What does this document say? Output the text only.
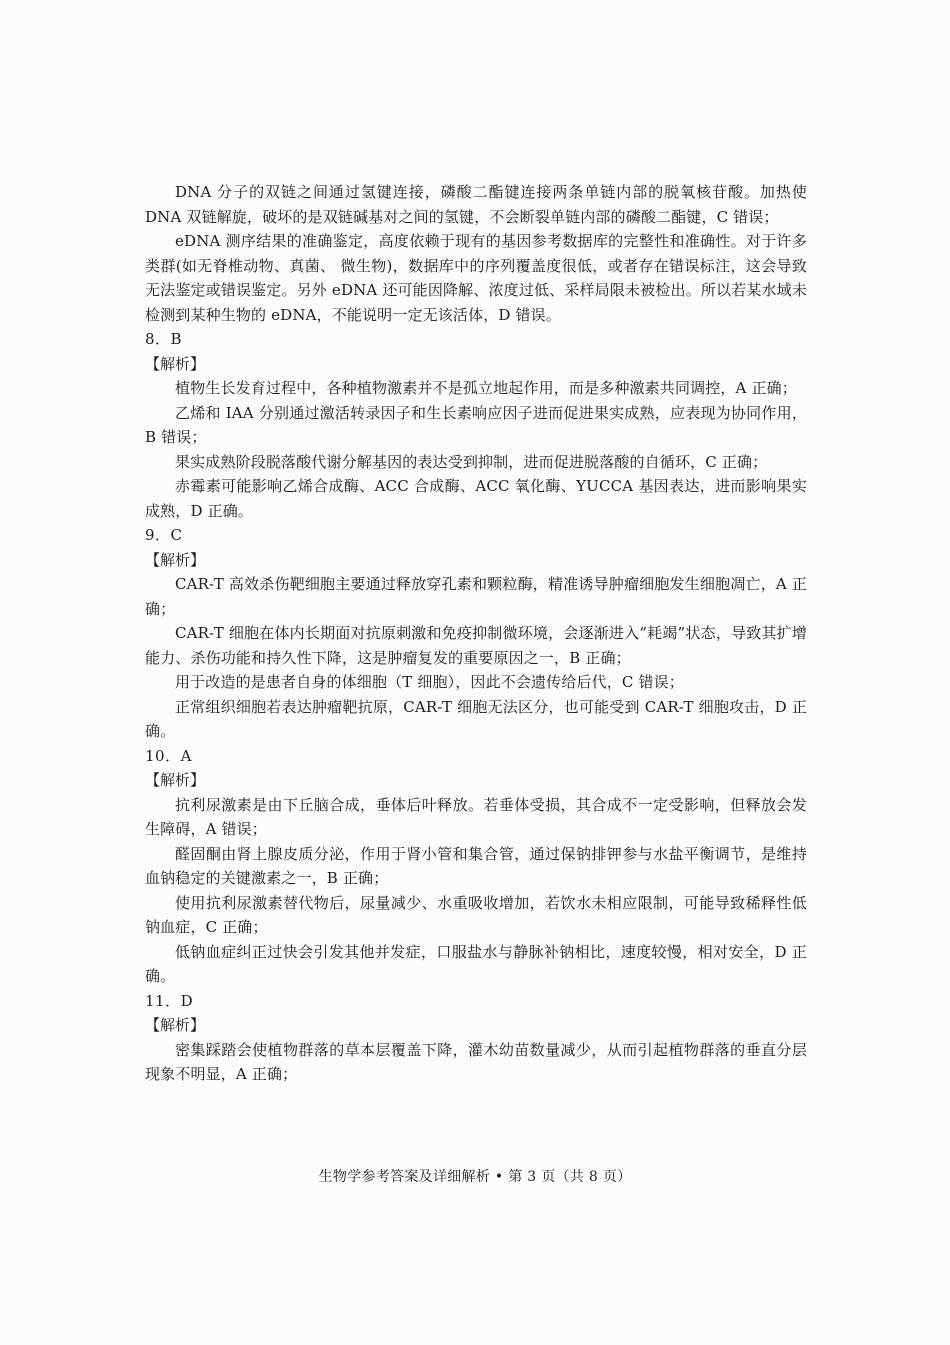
DNA 分子的双链之间通过氢键连接，磷酸二酯键连接两条单链内部的脱氧核苷酸。加热使 DNA 双链解旋，破坏的是双链碱基对之间的氢键，不会断裂单链内部的磷酸二酯键，C 错误；

eDNA 测序结果的准确鉴定，高度依赖于现有的基因参考数据库的完整性和准确性。对于许多类群(如无脊椎动物、真菌、 微生物)，数据库中的序列覆盖度很低，或者存在错误标注，这会导致无法鉴定或错误鉴定。另外 eDNA 还可能因降解、浓度过低、采样局限未被检出。所以若某水域未检测到某种生物的 eDNA，不能说明一定无该活体，D 错误。

8．B

【解析】

植物生长发育过程中，各种植物激素并不是孤立地起作用，而是多种激素共同调控，A 正确；

乙烯和 IAA 分别通过激活转录因子和生长素响应因子进而促进果实成熟，应表现为协同作用，B 错误；

果实成熟阶段脱落酸代谢分解基因的表达受到抑制，进而促进脱落酸的自循环，C 正确；

赤霉素可能影响乙烯合成酶、ACC 合成酶、ACC 氧化酶、YUCCA 基因表达，进而影响果实成熟，D 正确。

9．C

【解析】

CAR-T 高效杀伤靶细胞主要通过释放穿孔素和颗粒酶，精准诱导肿瘤细胞发生细胞凋亡，A 正确；

CAR-T 细胞在体内长期面对抗原刺激和免疫抑制微环境，会逐渐进入“耗竭”状态，导致其扩增能力、杀伤功能和持久性下降，这是肿瘤复发的重要原因之一，B 正确；

用于改造的是患者自身的体细胞（T 细胞），因此不会遗传给后代，C 错误；

正常组织细胞若表达肿瘤靶抗原，CAR-T 细胞无法区分，也可能受到 CAR-T 细胞攻击，D 正确。

10．A

【解析】

抗利尿激素是由下丘脑合成，垂体后叶释放。若垂体受损，其合成不一定受影响，但释放会发生障碍，A 错误；

醛固酮由肾上腺皮质分泌，作用于肾小管和集合管，通过保钠排钾参与水盐平衡调节，是维持血钠稳定的关键激素之一，B 正确；

使用抗利尿激素替代物后，尿量减少、水重吸收增加，若饮水未相应限制，可能导致稀释性低钠血症，C 正确；

低钠血症纠正过快会引发其他并发症，口服盐水与静脉补钠相比，速度较慢，相对安全，D 正确。

11．D

【解析】

密集踩踏会使植物群落的草本层覆盖下降，灌木幼苗数量减少，从而引起植物群落的垂直分层现象不明显，A 正确；

生物学参考答案及详细解析 • 第 3 页（共 8 页）
